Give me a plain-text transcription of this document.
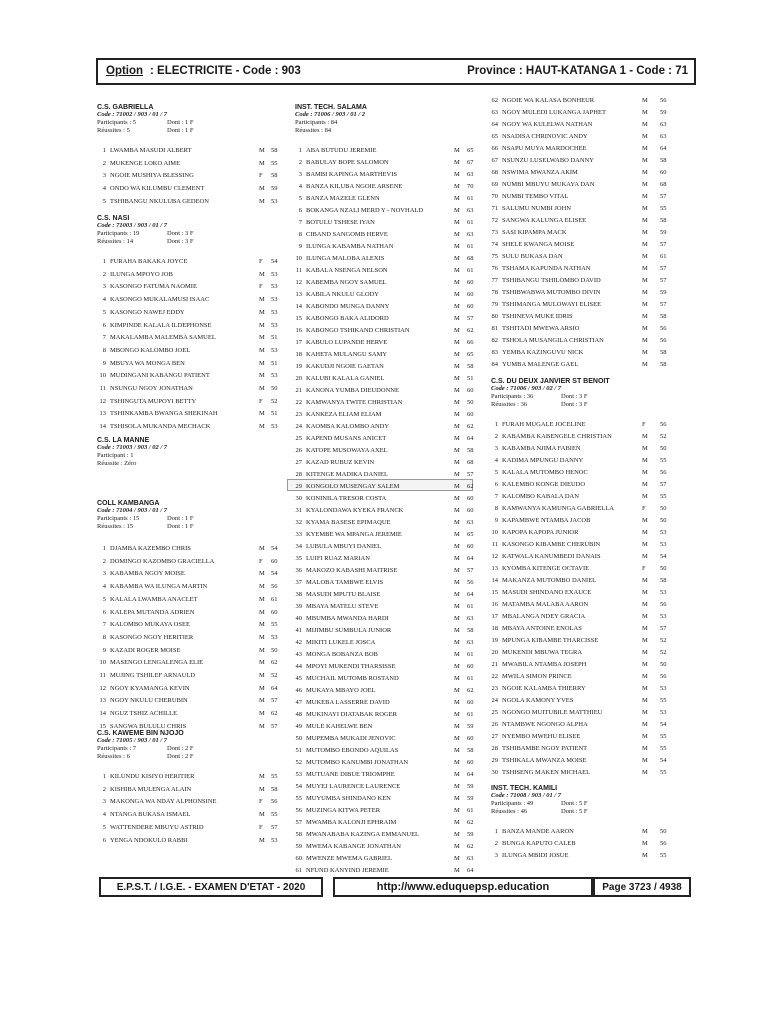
Option : ELECTRICITE - Code : 903	Province : HAUT-KATANGA 1 - Code : 71
C.S. GABRIELLA
Code : 71002 / 903 / 01 / 7
Participants : 5	Dont : 1 F
Réussites : 5	Dont : 1 F
1 LWAMBA MASUDI ALBERT	M 58
2 MUKENGE LOKO AIME	M 55
3 NGOIE MUSHIYA BLESSING	F 58
4 ONDO WA KILUMBU CLEMENT	M 59
5 TSHIBANGU NKULUBA GEDEON	M 53
C.S. NASI
Code : 71003 / 903 / 01 / 7
Participants : 19	Dont : 3 F
Réussites : 14	Dont : 3 F
1 FURAHA BAKAKA JOYCE	F 54
2 ILUNGA MPOYO JOB	M 53
3 KASONGO FATUMA NAOMIE	F 53
4 KASONGO MUKALAMUSI ISAAC	M 53
5 KASONGO NAWEJ EDDY	M 53
6 KIMPINDE KALALA ILDEPHONSE	M 53
7 MAKALAMBA MALEMBA SAMUEL	M 51
8 MBONGO KALOMBO JOEL	M 53
9 MBUYA WA MONGA BEN	M 51
10 MUDINGANI KABANGU PATIENT	M 53
11 NSUNGU NGOY JONATHAN	M 50
12 TSHINGUTA MUPOYI BETTY	F 52
13 TSHINKAMBA BWANGA SHEKINAH	M 51
14 TSHISOLA MUKANDA MECHACK	M 53
C.S. LA MANNE
Code : 71003 / 903 / 02 / 7
Participant : 1
Réussite : Zéro
COLL KAMBANGA
Code : 71004 / 903 / 01 / 7
Participants : 15	Dont : 1 F
Réussites : 15	Dont : 1 F
1 DJAMBA KAZEMBO CHRIS	M 54
2 DOMINGO KAZOMBO GRACIELLA	F 60
3 KABAMBA NGOY MOISE	M 54
4 KABAMBA WA ILUNGA MARTIN	M 56
5 KALALA LWAMBA ANACLET	M 61
6 KALEPA MUTANDA ADRIEN	M 60
7 KALOMBO MUKAYA OSEE	M 55
8 KASONGO NGOY HERITIER	M 53
9 KAZADI ROGER MOISE	M 50
10 MASENGO LENGALENGA ELIE	M 62
11 MUJING TSHILEF ARNAULD	M 52
12 NGOY KYAMANGA KEVIN	M 64
13 NGOY NKULU CHERUBIN	M 57
14 NGUZ TSHIZ ACHILLE	M 62
15 SANGWA BULULU CHRIS	M 57
C.S. KAWEME BIN NJOJO
Code : 71005 / 903 / 01 / 7
Participants : 7	Dont : 2 F
Réussites : 6	Dont : 2 F
1 KILUNDU KISIYO HERITIER	M 55
2 KISHIBA MULENGA ALAIN	M 58
3 MAKONGA WA NDAY ALPHONSINE	F 56
4 NTANGA BUKASA ISMAEL	M 55
5 WATTENDERE MBUYU ASTRID	F 57
6 YENGA NDOKULO RABBI	M 53
INST. TECH. SALAMA
Code : 71006 / 903 / 01 / 2
Participants : 84
Réussites : 84
1 ABA BUTUDU JEREMIE	M 65
2 BABULAY BOPE SALOMON	M 67
3 BAMBI KAPINGA MARTHEVIS	M 63
4 BANZA KILUBA NGOIE ARSENE	M 70
5 BANZA MAZELE GLENN	M 61
6 BOKANGA NZALI MERD Y - NOVHALD	M 63
7 BOTULU TSHESE IYAN	M 61
8 CIBAND SANGOMB HERVE	M 63
9 ILUNGA KABAMBA NATHAN	M 61
10 ILUNGA MALOBA ALEXIS	M 68
11 KABALA NSENGA NELSON	M 61
12 KABEMBA NGOY SAMUEL	M 60
13 KABILA NKULU GLODY	M 60
14 KABONDO MUNGA DANNY	M 60
15 KABONGO BAKA ALIDORD	M 57
16 KABONGO TSHIKAND CHRISTIAN	M 62
17 KABULO LUPANDE HERVE	M 66
18 KAHETA MULANGU SAMY	M 65
19 KAKUDJI NGOIE GAETAN	M 58
20 KALUBI KALALA GANIEL	M 51
21 KANONA YUMBA DIEUDONNE	M 60
22 KAMWANYA TWITE CHRISTIAN	M 50
23 KANKEZA ELIAM ELIAM	M 60
24 KAOMBA KALOMBO ANDY	M 62
25 KAPEND MUSANS ANICET	M 64
26 KATOPE MUSOWAYA AXEL	M 58
27 KAZAD RUBUZ KEVIN	M 68
28 KITENGE MADIKA DANIEL	M 57
29 KONGOLO MUSENGAY SALEM	M 62
30 KONINILA TRESOR COSTA	M 60
31 KYALONDAWA KYEKA FRANCK	M 60
32 KYAMA BASESE EPIMAQUE	M 63
33 KYEMBE WA MPANGA JEREMIE	M 65
34 LUBULA MBUYI DANIEL	M 60
35 LUIFI RUAZ MARIAN	M 64
36 MAKOZO KABASHI MAITRISE	M 57
37 MALOBA TAMBWE ELVIS	M 56
38 MASUDI MPUTU BLAISE	M 64
39 MBAYA MATELU STEVE	M 61
40 MBUMBA MWANDA HARDI	M 63
41 MIJIMBU SUMBULA JUNIOR	M 58
42 MIKITI LUKELE JOSCA	M 63
43 MONGA BOBANZA BOB	M 61
44 MPOYI MUKENDI THARSISSE	M 60
45 MUCHAIL MUTOMB ROSTAND	M 61
46 MUKAYA MBAYO JOEL	M 62
47 MUKEBA LASSERRE DAVID	M 60
48 MUKINAYI DIATABAK ROGER	M 61
49 MULE KAHELWE BEN	M 59
50 MUPEMBA MUKADI JENOVIC	M 60
51 MUTOMBO EBONDO AQUILAS	M 58
52 MUTOMBO KANUMBI JONATHAN	M 60
53 MUTUANE DIBUE TRIOMPHE	M 64
54 MUYEJ LAURENCE LAURENCE	M 59
55 MUYUMBA SHINDANO KEN	M 59
56 MUZINGA KITWA PETER	M 61
57 MWAMBA KALONJI EPHRAIM	M 62
58 MWANABABA KAZINGA EMMANUEL	M 59
59 MWEMA KABANGE JONATHAN	M 62
60 MWENZE MWEMA GABRIEL	M 63
61 NFUND KANYIND JEREMIE	M 64
62 NGOIE WA KALASA BONHEUR	M 56
63 NGOY MULEDI LUKANGA JAPHET	M 59
64 NGOY WA KULELWA NATHAN	M 63
65 NSADISA CHRINOVIC ANDY	M 63
66 NSAPU MUYA MARDOCHEE	M 64
67 NSUNZU LUSELWABO DANNY	M 58
68 NSWIMA MWANZA AKIM	M 60
69 NUMBI MBUYU MUKAYA DAN	M 68
70 NUMBI TEMBO VITAL	M 57
71 SALUMU NUMBI JOHN	M 55
72 SANGWA KALUNGA ELISEE	M 58
73 SASI KIPAMPA MACK	M 59
74 SHELE KWANGA MOISE	M 57
75 SULU BUKASA DAN	M 61
76 TSHAMA KAPUNDA NATHAN	M 57
77 TSHIBANGU TSHILOMBO DAVID	M 57
78 TSHIBWABWA MUTOMBO DIVIN	M 59
79 TSHIMANGA MULOWAYI ELISEE	M 57
80 TSHINEVA MUKE IDRIS	M 58
81 TSHITADI MWEWA ARSIO	M 56
82 TSHOLA MUSANGILA CHRISTIAN	M 56
83 YEMBA KAZINGUVU NICK	M 58
84 YUMBA MALENGE GAEL	M 58
C.S. DU DEUX JANVIER ST BENOIT
Code : 71006 / 903 / 02 / 7
Participants : 36	Dont : 3 F
Réussites : 36	Dont : 3 F
1 FURAH MUGALE JOCELINE	F 56
2 KABAMBA KABENGELE CHRISTIAN	M 52
3 KABAMBA NJIMA FABIEN	M 50
4 KADIMA MPUNGU DANNY	M 55
5 KALALA MUTOMBO HENOC	M 56
6 KALEMBO KONGE DIEUDO	M 57
7 KALOMBO KABALA DAN	M 55
8 KAMWANYA KAMUNGA GABRIELLA	F 50
9 KAPAMBWE NTAMBA JACOB	M 50
10 KAPOPA KAPOPA JUNIOR	M 53
11 KASONGO KIBAMBE CHERUBIN	M 53
12 KATWALA KANUMBEDI DANAIS	M 54
13 KYOMBA KITENGE OCTAVIE	F 50
14 MAKANZA MUTOMBO DANIEL	M 58
15 MASUDI SHINDANO EXAUCE	M 53
16 MATAMBA MALABA AARON	M 56
17 MBALANGA NDEY GRACIA	M 53
18 MBAYA ANTOINE ENOLAS	M 57
19 MPUNGA KIBAMBE THARCISSE	M 52
20 MUKENDI MBUWA TEGRA	M 52
21 MWABILA NTAMBA JOSEPH	M 50
22 MWILA SIMON PRINCE	M 56
23 NGOIE KALAMBA THIERRY	M 53
24 NGOLA KAMONY YVES	M 55
25 NGONGO MUITUBILE MATTHIEU	M 53
26 NTAMBWE NGONGO ALPHA	M 54
27 NYEMBO MWEHU ELISEE	M 55
28 TSHIBAMBE NGOY PATIENT	M 55
29 TSHIKALA MWANZA MOISE	M 54
30 TSHISENG MAKEN MICHAEL	M 55
INST. TECH. KAMILI
Code : 71008 / 903 / 01 / 7
Participants : 49	Dont : 5 F
Réussites : 46	Dont : 5 F
1 BANZA MANDE AARON	M 50
2 BUNGA KAPUTO CALEB	M 56
3 ILUNGA MBIDI JOSUE	M 55
E.P.S.T. / I.G.E. - EXAMEN D'ETAT - 2020	http://www.eduquepsp.education	Page 3723 / 4938
